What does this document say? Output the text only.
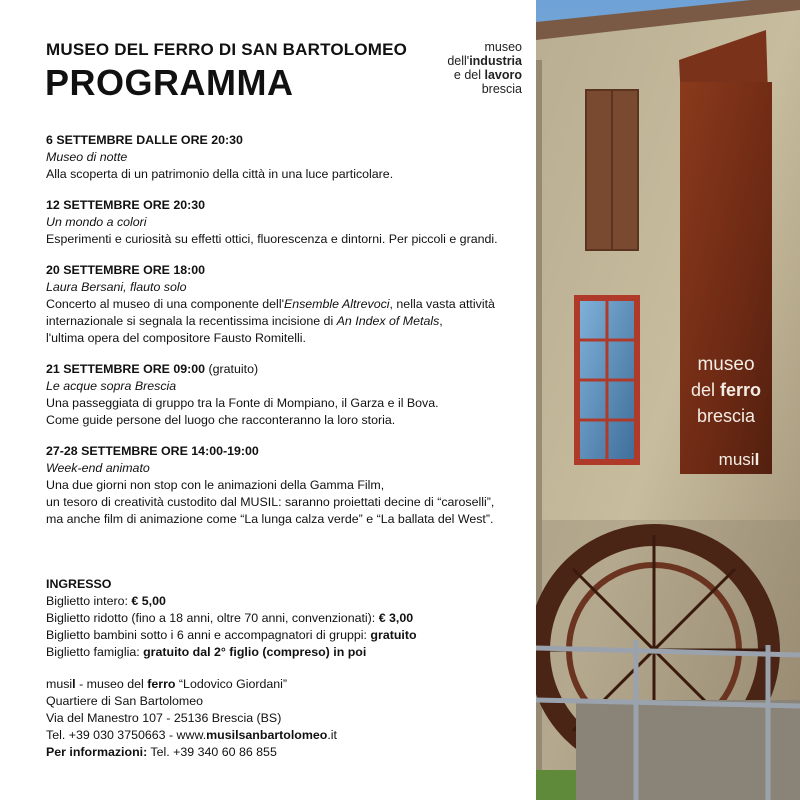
MUSEO DEL FERRO DI SAN BARTOLOMEO
PROGRAMMA
museo
dell'industria
e del lavoro
brescia

6 SETTEMBRE DALLE ORE 20:30

Museo di notte

Alla scoperta di un patrimonio della città in una luce particolare.

12 SETTEMBRE ORE 20:30

Un mondo a colori

Esperimenti e curiosità su effetti ottici, fluorescenza e dintorni. Per piccoli e grandi.

20 SETTEMBRE ORE 18:00

Laura Bersani, flauto solo

Concerto al museo di una componente dell'Ensemble Altrevoci, nella vasta attività

internazionale si segnala la recentissima incisione di An Index of Metals,

l'ultima opera del compositore Fausto Romitelli.

21 SETTEMBRE ORE 09:00 (gratuito)

Le acque sopra Brescia

Una passeggiata di gruppo tra la Fonte di Mompiano, il Garza e il Bova.

Come guide persone del luogo che racconteranno la loro storia.

27-28 SETTEMBRE ORE 14:00-19:00

Week-end animato

Una due giorni non stop con le animazioni della Gamma Film,

un tesoro di creatività custodito dal MUSIL: saranno proiettati decine di “caroselli”,

ma anche film di animazione come “La lunga calza verde” e “La ballata del West”.

INGRESSO

Biglietto intero: € 5,00

Biglietto ridotto (fino a 18 anni, oltre 70 anni, convenzionati): € 3,00

Biglietto bambini sotto i 6 anni e accompagnatori di gruppi: gratuito

Biglietto famiglia: gratuito dal 2° figlio (compreso) in poi

musil - museo del ferro “Lodovico Giordani”

Quartiere di San Bartolomeo

Via del Manestro 107 - 25136 Brescia (BS)

Tel. +39 030 3750663 - www.musilsanbartolomeo.it

Per informazioni: Tel. +39 340 60 86 855

museo
del ferro
brescia
musil
